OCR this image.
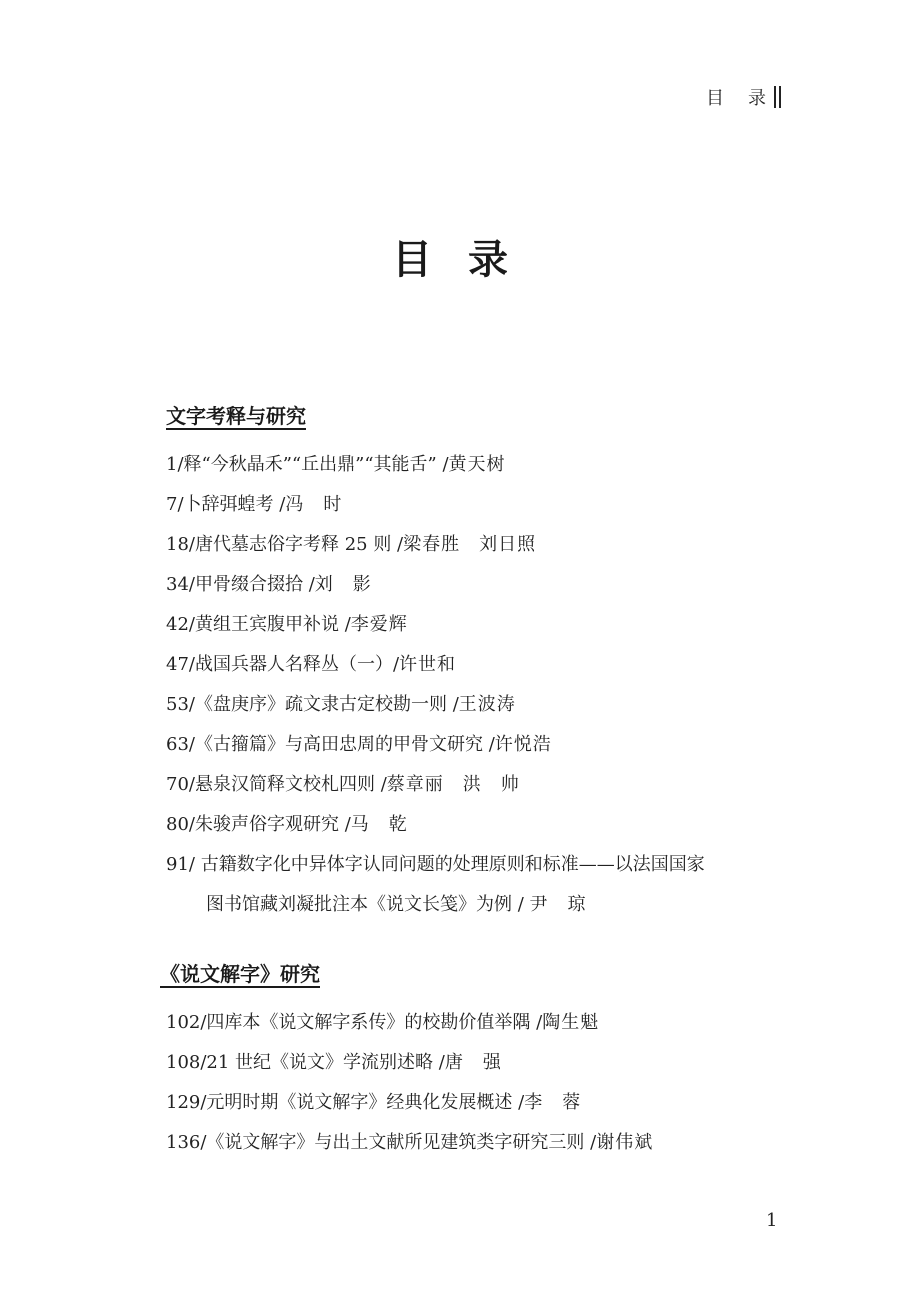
目 录
目 录
文字考释与研究
1/ 释“今秋晶禾”“丘出鼎”“其能舌” / 黄天树
7/ 卜辞弭蝗考 / 冯　时
18/ 唐代墓志俗字考释 25 则 / 梁春胜　刘日照
34/ 甲骨缀合掇拾 / 刘　影
42/ 黄组王宾腹甲补说 / 李爱辉
47/ 战国兵器人名释丛（一）/ 许世和
53/ 《盘庚序》疏文隶古定校勘一则 / 王波涛
63/ 《古籀篇》与高田忠周的甲骨文研究 / 许悦浩
70/ 悬泉汉简释文校札四则 / 蔡章丽　洪　帅
80/ 朱骏声俗字观研究 / 马　乾
91/ 古籍数字化中异体字认同问题的处理原则和标准——以法国国家
图书馆藏刘凝批注本《说文长笺》为例 / 尹　琼
《说文解字》研究
102/ 四库本《说文解字系传》的校勘价值举隅 / 陶生魁
108/ 21 世纪《说文》学流别述略 / 唐　强
129/ 元明时期《说文解字》经典化发展概述 / 李　蓉
136/ 《说文解字》与出土文献所见建筑类字研究三则 / 谢伟斌
1
